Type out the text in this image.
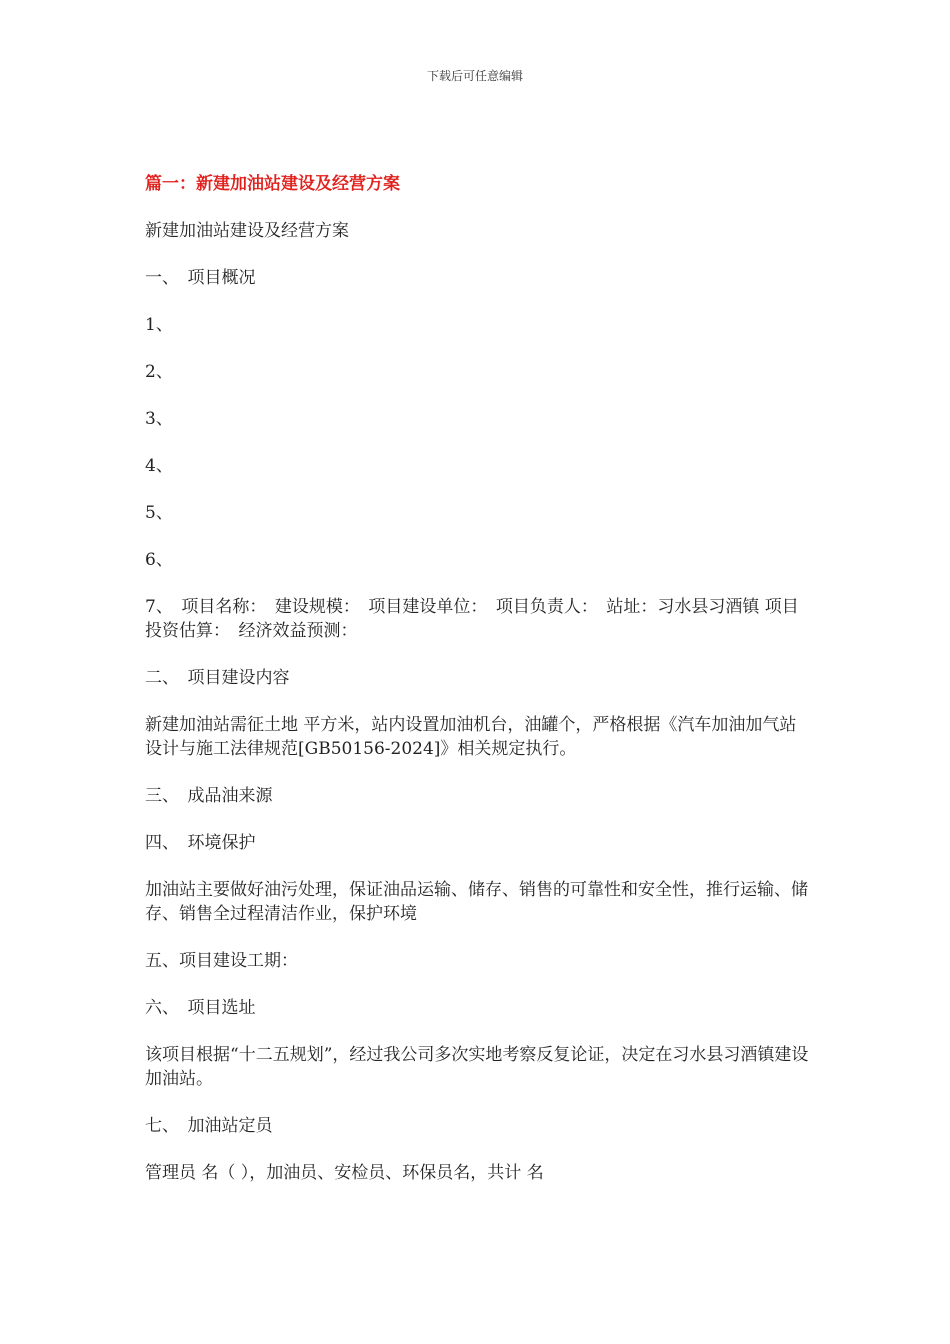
下载后可任意编辑

篇一：新建加油站建设及经营方案

新建加油站建设及经营方案

一、　项目概况

1、

2、

3、

4、

5、

6、

7、　项目名称：　建设规模：　项目建设单位：　项目负责人：　站址：习水县习酒镇 项目投资估算：　经济效益预测：

二、　项目建设内容

新建加油站需征土地 平方米，站内设置加油机台，油罐个，严格根据《汽车加油加气站设计与施工法律规范[GB50156-2024]》相关规定执行。

三、　成品油来源

四、　环境保护

加油站主要做好油污处理，保证油品运输、储存、销售的可靠性和安全性，推行运输、储存、销售全过程清洁作业，保护环境

五、项目建设工期：

六、　项目选址

该项目根据“十二五规划”，经过我公司多次实地考察反复论证，决定在习水县习酒镇建设加油站。

七、　加油站定员

管理员 名（ ），加油员、安检员、环保员名，共计 名
